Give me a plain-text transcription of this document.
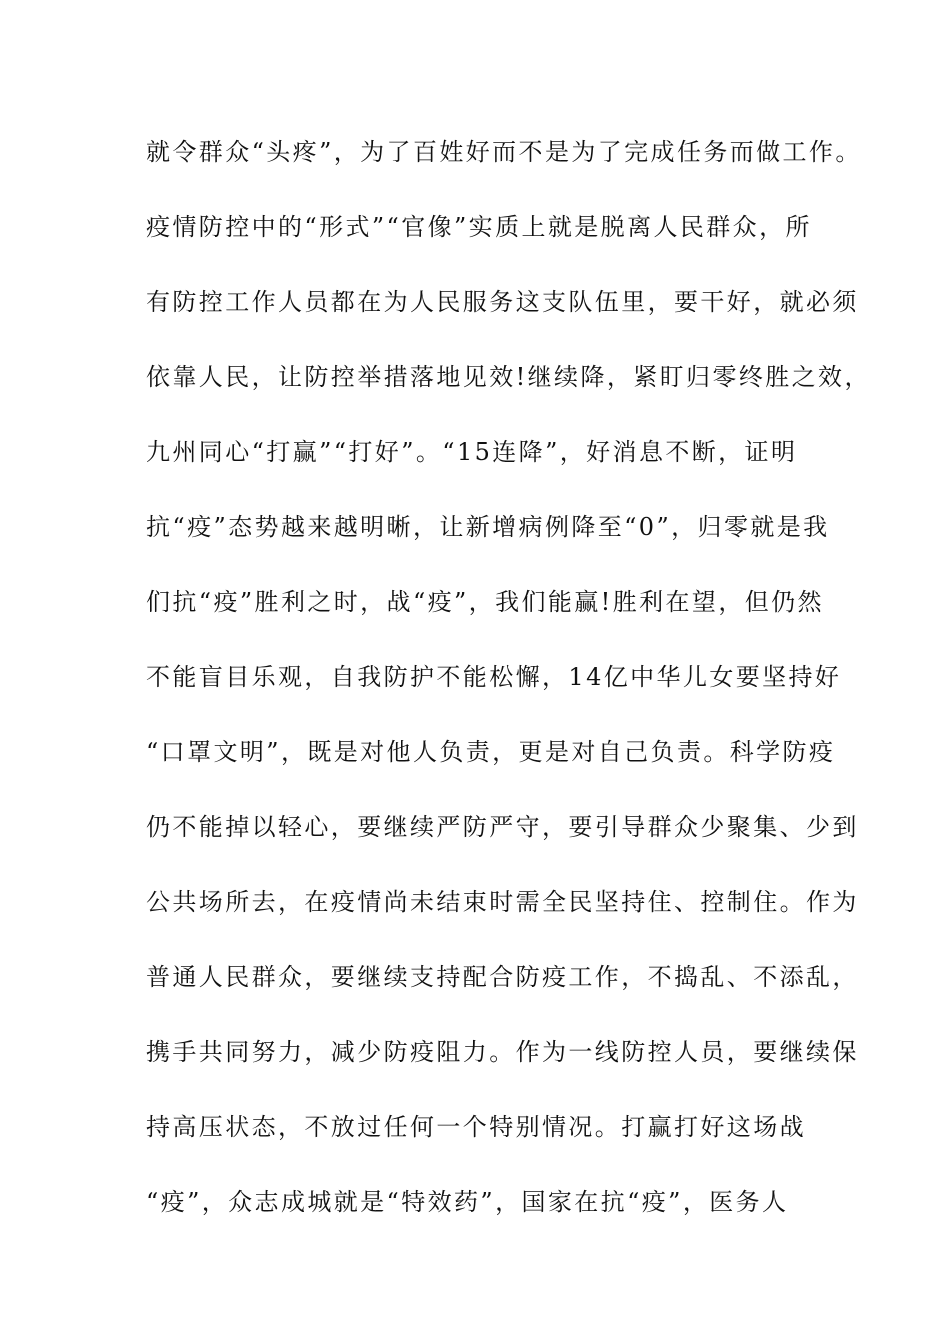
就令群众“头疼”，为了百姓好而不是为了完成任务而做工作。
疫情防控中的“形式”“官像”实质上就是脱离人民群众，所
有防控工作人员都在为人民服务这支队伍里，要干好，就必须
依靠人民，让防控举措落地见效!继续降，紧盯归零终胜之效，
九州同心“打赢”“打好”。“15连降”，好消息不断，证明
抗“疫”态势越来越明晰，让新增病例降至“0”，归零就是我
们抗“疫”胜利之时，战“疫”，我们能赢!胜利在望，但仍然
不能盲目乐观，自我防护不能松懈，14亿中华儿女要坚持好
“口罩文明”，既是对他人负责，更是对自己负责。科学防疫
仍不能掉以轻心，要继续严防严守，要引导群众少聚集、少到
公共场所去，在疫情尚未结束时需全民坚持住、控制住。作为
普通人民群众，要继续支持配合防疫工作，不捣乱、不添乱，
携手共同努力，减少防疫阻力。作为一线防控人员，要继续保
持高压状态，不放过任何一个特别情况。打赢打好这场战
“疫”，众志成城就是“特效药”，国家在抗“疫”，医务人
